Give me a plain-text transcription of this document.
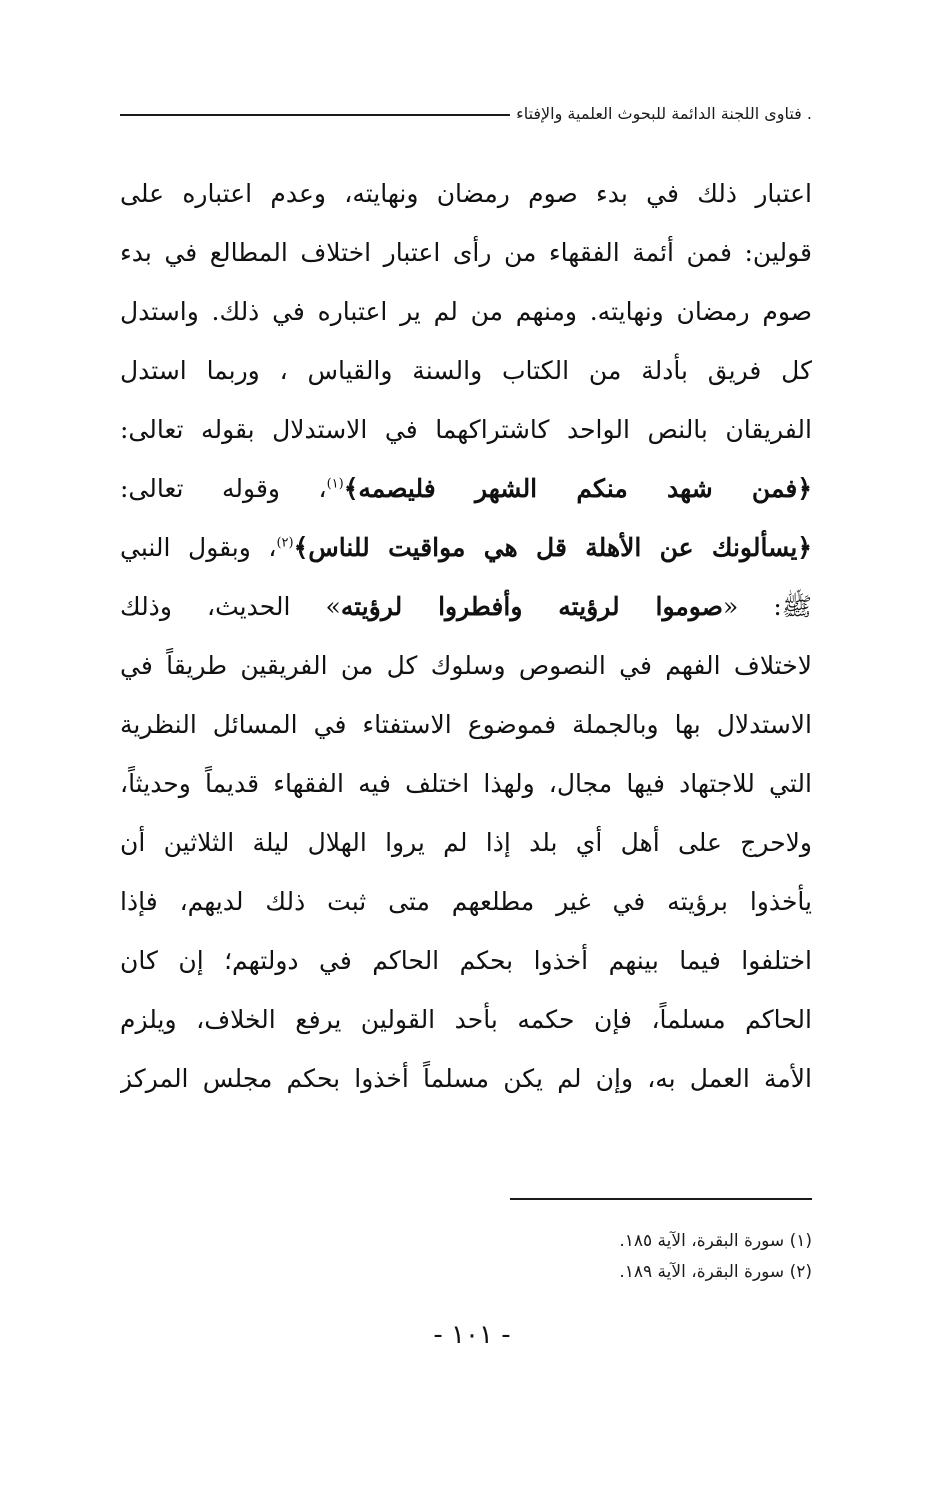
. فتاوى اللجنة الدائمة للبحوث العلمية والإفتاء
اعتبار ذلك في بدء صوم رمضان ونهايته، وعدم اعتباره على
قولين: فمن أئمة الفقهاء من رأى اعتبار اختلاف المطالع في بدء
صوم رمضان ونهايته. ومنهم من لم ير اعتباره في ذلك. واستدل
كل فريق بأدلة من الكتاب والسنة والقياس ، وربما استدل
الفريقان بالنص الواحد كاشتراكهما في الاستدلال بقوله تعالى:
﴿فمن شهد منكم الشهر فليصمه﴾$^{(١)}$، وقوله تعالى:
﴿يسألونك عن الأهلة قل هي مواقيت للناس﴾$^{(٢)}$، وبقول النبي
ﷺ: «صوموا لرؤيته وأفطروا لرؤيته» الحديث، وذلك
لاختلاف الفهم في النصوص وسلوك كل من الفريقين طريقاً في
الاستدلال بها وبالجملة فموضوع الاستفتاء في المسائل النظرية
التي للاجتهاد فيها مجال، ولهذا اختلف فيه الفقهاء قديماً وحديثاً،
ولاحرج على أهل أي بلد إذا لم يروا الهلال ليلة الثلاثين أن
يأخذوا برؤيته في غير مطلعهم متى ثبت ذلك لديهم، فإذا
اختلفوا فيما بينهم أخذوا بحكم الحاكم في دولتهم؛ إن كان
الحاكم مسلماً، فإن حكمه بأحد القولين يرفع الخلاف، ويلزم
الأمة العمل به، وإن لم يكن مسلماً أخذوا بحكم مجلس المركز
(١) سورة البقرة، الآية ١٨٥.
(٢) سورة البقرة، الآية ١٨٩.
- ١٠١ -
